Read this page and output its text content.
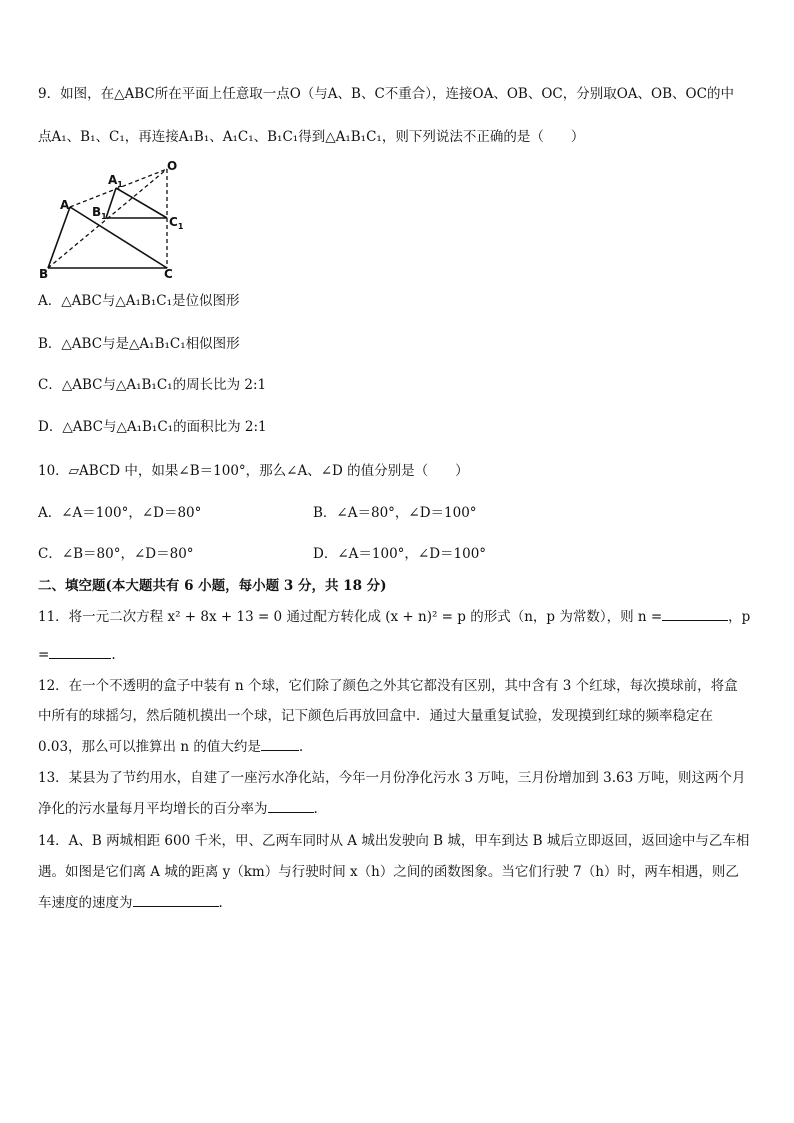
9．如图，在△ABC所在平面上任意取一点O（与A、B、C不重合），连接OA、OB、OC，分别取OA、OB、OC的中
点A₁、B₁、C₁，再连接A₁B₁、A₁C₁、B₁C₁得到△A₁B₁C₁，则下列说法不正确的是（　　）
O
$A_1$
A $B_1$	$C_1$
B	C
A．△ABC与△A₁B₁C₁是位似图形
B．△ABC与是△A₁B₁C₁相似图形
C．△ABC与△A₁B₁C₁的周长比为 2:1
D．△ABC与△A₁B₁C₁的面积比为 2:1
10．▱ABCD 中，如果∠B＝100°，那么∠A、∠D 的值分别是（　　）
A．∠A＝100°，∠D＝80°	B．∠A＝80°，∠D＝100°
C．∠B＝80°，∠D＝80°	D．∠A＝100°，∠D＝100°
二、填空题(本大题共有 6 小题，每小题 3 分，共 18 分)
11．将一元二次方程 x² + 8x + 13 = 0 通过配方转化成 (x + n)² = p 的形式（n，p 为常数），则 n =	，p
=	.
12．在一个不透明的盒子中装有 n 个球，它们除了颜色之外其它都没有区别，其中含有 3 个红球，每次摸球前，将盒
中所有的球摇匀，然后随机摸出一个球，记下颜色后再放回盒中．通过大量重复试验，发现摸到红球的频率稳定在
0.03，那么可以推算出 n 的值大约是	.
13．某县为了节约用水，自建了一座污水净化站，今年一月份净化污水 3 万吨，三月份增加到 3.63 万吨，则这两个月
净化的污水量每月平均增长的百分率为	.
14．A、B 两城相距 600 千米，甲、乙两车同时从 A 城出发驶向 B 城，甲车到达 B 城后立即返回，返回途中与乙车相
遇。如图是它们离 A 城的距离 y（km）与行驶时间 x（h）之间的函数图象。当它们行驶 7（h）时，两车相遇，则乙
车速度的速度为	.
